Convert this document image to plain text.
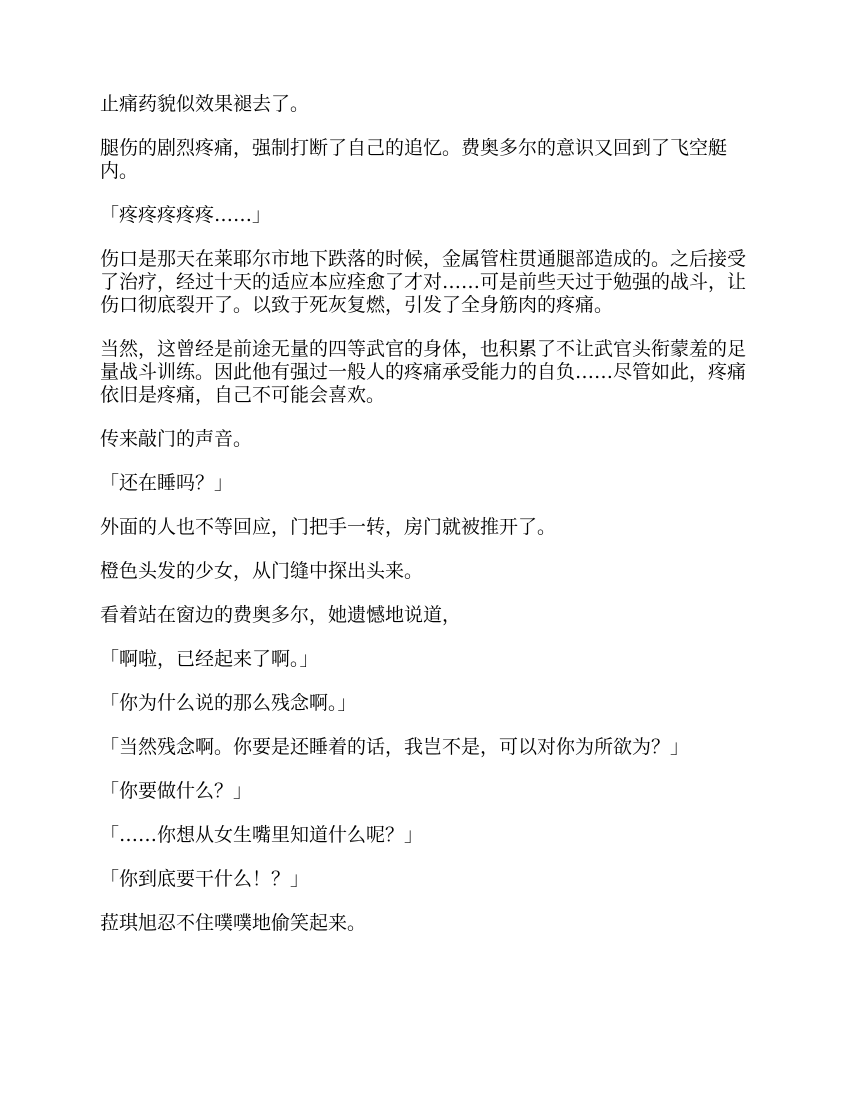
止痛药貌似效果褪去了。

腿伤的剧烈疼痛，强制打断了自己的追忆。费奥多尔的意识又回到了飞空艇内。

「疼疼疼疼疼……」

伤口是那天在莱耶尔市地下跌落的时候，金属管柱贯通腿部造成的。之后接受了治疗，经过十天的适应本应痊愈了才对……可是前些天过于勉强的战斗，让伤口彻底裂开了。以致于死灰复燃，引发了全身筋肉的疼痛。

当然，这曾经是前途无量的四等武官的身体，也积累了不让武官头衔蒙羞的足量战斗训练。因此他有强过一般人的疼痛承受能力的自负……尽管如此，疼痛依旧是疼痛，自己不可能会喜欢。

传来敲门的声音。

「还在睡吗？」

外面的人也不等回应，门把手一转，房门就被推开了。

橙色头发的少女，从门缝中探出头来。

看着站在窗边的费奥多尔，她遗憾地说道，

「啊啦，已经起来了啊。」

「你为什么说的那么残念啊。」

「当然残念啊。你要是还睡着的话，我岂不是，可以对你为所欲为？」

「你要做什么？」

「……你想从女生嘴里知道什么呢？」

「你到底要干什么！？」

菈琪旭忍不住噗噗地偷笑起来。
